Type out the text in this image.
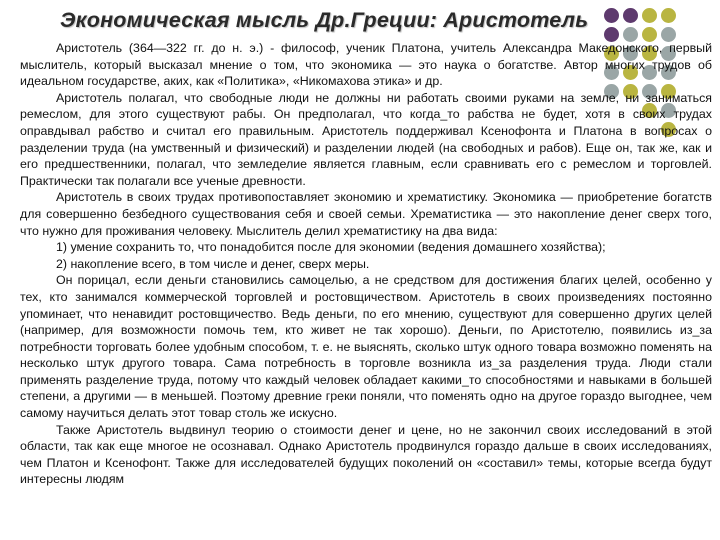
Экономическая мысль Др.Греции: Аристотель

Аристотель (364—322 гг. до н. э.) - философ, ученик Платона, учитель Александра Македонского, первый мыслитель, который высказал мнение о том, что экономика — это наука о богатстве. Автор многих трудов об идеальном государстве, аких, как «Политика», «Никомахова этика» и др.

Аристотель полагал, что свободные люди не должны ни работать своими руками на земле, ни заниматься ремеслом, для этого существуют рабы. Он предполагал, что когда_то рабства не будет, хотя в своих трудах оправдывал рабство и считал его правильным. Аристотель поддерживал Ксенофонта и Платона в вопросах о разделении труда (на умственный и физический) и разделении людей (на свободных и рабов). Еще он, так же, как и его предшественники, полагал, что земледелие является главным, если сравнивать его с ремеслом и торговлей. Практически так полагали все ученые древности.

Аристотель в своих трудах противопоставляет экономию и хрематистику. Экономика — приобретение богатств для совершенно безбедного существования себя и своей семьи. Хрематистика — это накопление денег сверх того, что нужно для проживания человеку. Мыслитель делил хрематистику на два вида:

1) умение сохранить то, что понадобится после для экономии (ведения домашнего хозяйства);

2) накопление всего, в том числе и денег, сверх меры.

Он порицал, если деньги становились самоцелью, а не средством для достижения благих целей, особенно у тех, кто занимался коммерческой торговлей и ростовщичеством. Аристотель в своих произведениях постоянно упоминает, что ненавидит ростовщичество. Ведь деньги, по его мнению, существуют для совершенно других целей (например, для возможности помочь тем, кто живет не так хорошо). Деньги, по Аристотелю, появились из_за потребности торговать более удобным способом, т. е. не выяснять, сколько штук одного товара возможно поменять на несколько штук другого товара. Сама потребность в торговле возникла из_за разделения труда. Люди стали применять разделение труда, потому что каждый человек обладает какими_то способностями и навыками в большей степени, а другими — в меньшей. Поэтому древние греки поняли, что поменять одно на другое гораздо выгоднее, чем самому научиться делать этот товар столь же искусно.

Также Аристотель выдвинул теорию о стоимости денег и цене, но не закончил своих исследований в этой области, так как еще многое не осознавал. Однако Аристотель продвинулся гораздо дальше в своих исследованиях, чем Платон и Ксенофонт. Также для исследователей будущих поколений он «составил» темы, которые всегда будут интересны людям
